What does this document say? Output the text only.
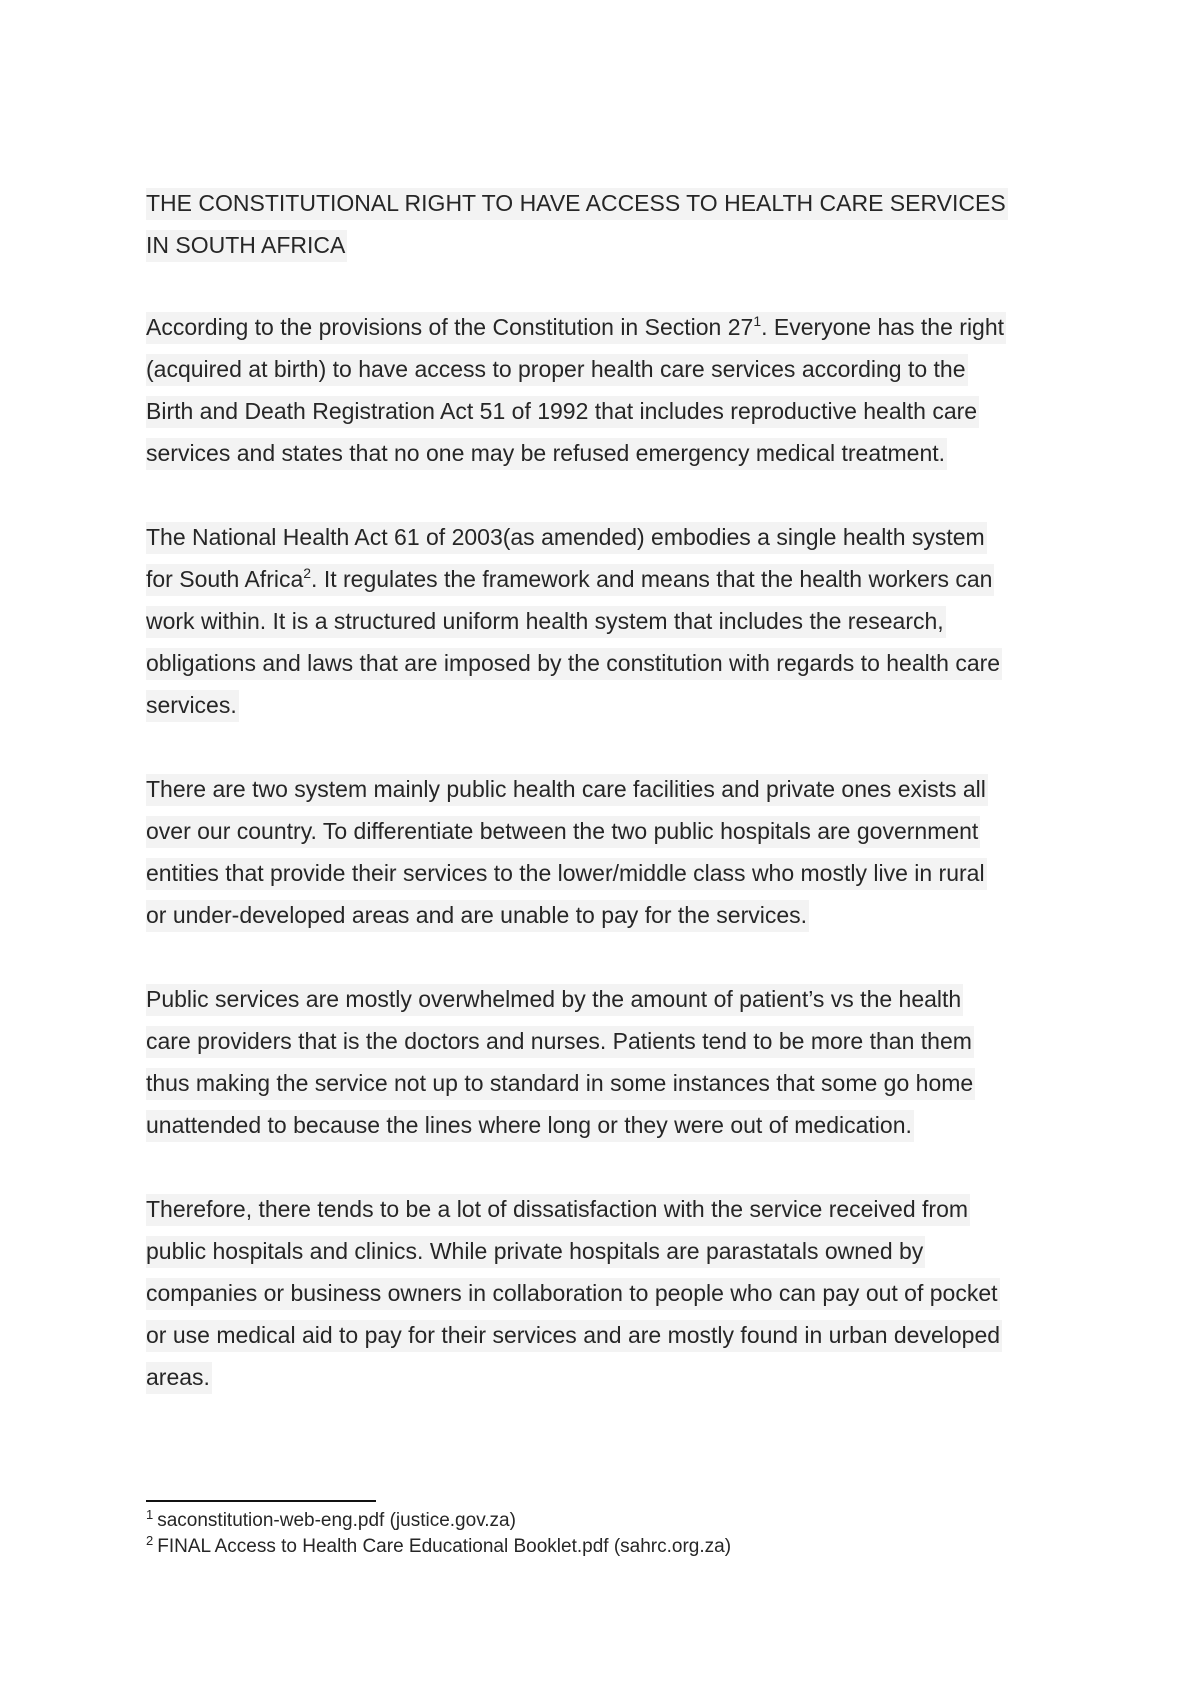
THE CONSTITUTIONAL RIGHT TO HAVE ACCESS TO HEALTH CARE SERVICES
IN SOUTH AFRICA
According to the provisions of the Constitution in Section $27^1$. Everyone has the right
(acquired at birth) to have access to proper health care services according to the
Birth and Death Registration Act 51 of 1992 that includes reproductive health care
services and states that no one may be refused emergency medical treatment.
The National Health Act 61 of 2003(as amended) embodies a single health system
for South Africa$^2$. It regulates the framework and means that the health workers can
work within. It is a structured uniform health system that includes the research,
obligations and laws that are imposed by the constitution with regards to health care
services.
There are two system mainly public health care facilities and private ones exists all
over our country. To differentiate between the two public hospitals are government
entities that provide their services to the lower/middle class who mostly live in rural
or under-developed areas and are unable to pay for the services.
Public services are mostly overwhelmed by the amount of patient’s vs the health
care providers that is the doctors and nurses. Patients tend to be more than them
thus making the service not up to standard in some instances that some go home
unattended to because the lines where long or they were out of medication.
Therefore, there tends to be a lot of dissatisfaction with the service received from
public hospitals and clinics. While private hospitals are parastatals owned by
companies or business owners in collaboration to people who can pay out of pocket
or use medical aid to pay for their services and are mostly found in urban developed
areas.
$^1$ saconstitution-web-eng.pdf (justice.gov.za)
$^2$ FINAL Access to Health Care Educational Booklet.pdf (sahrc.org.za)
